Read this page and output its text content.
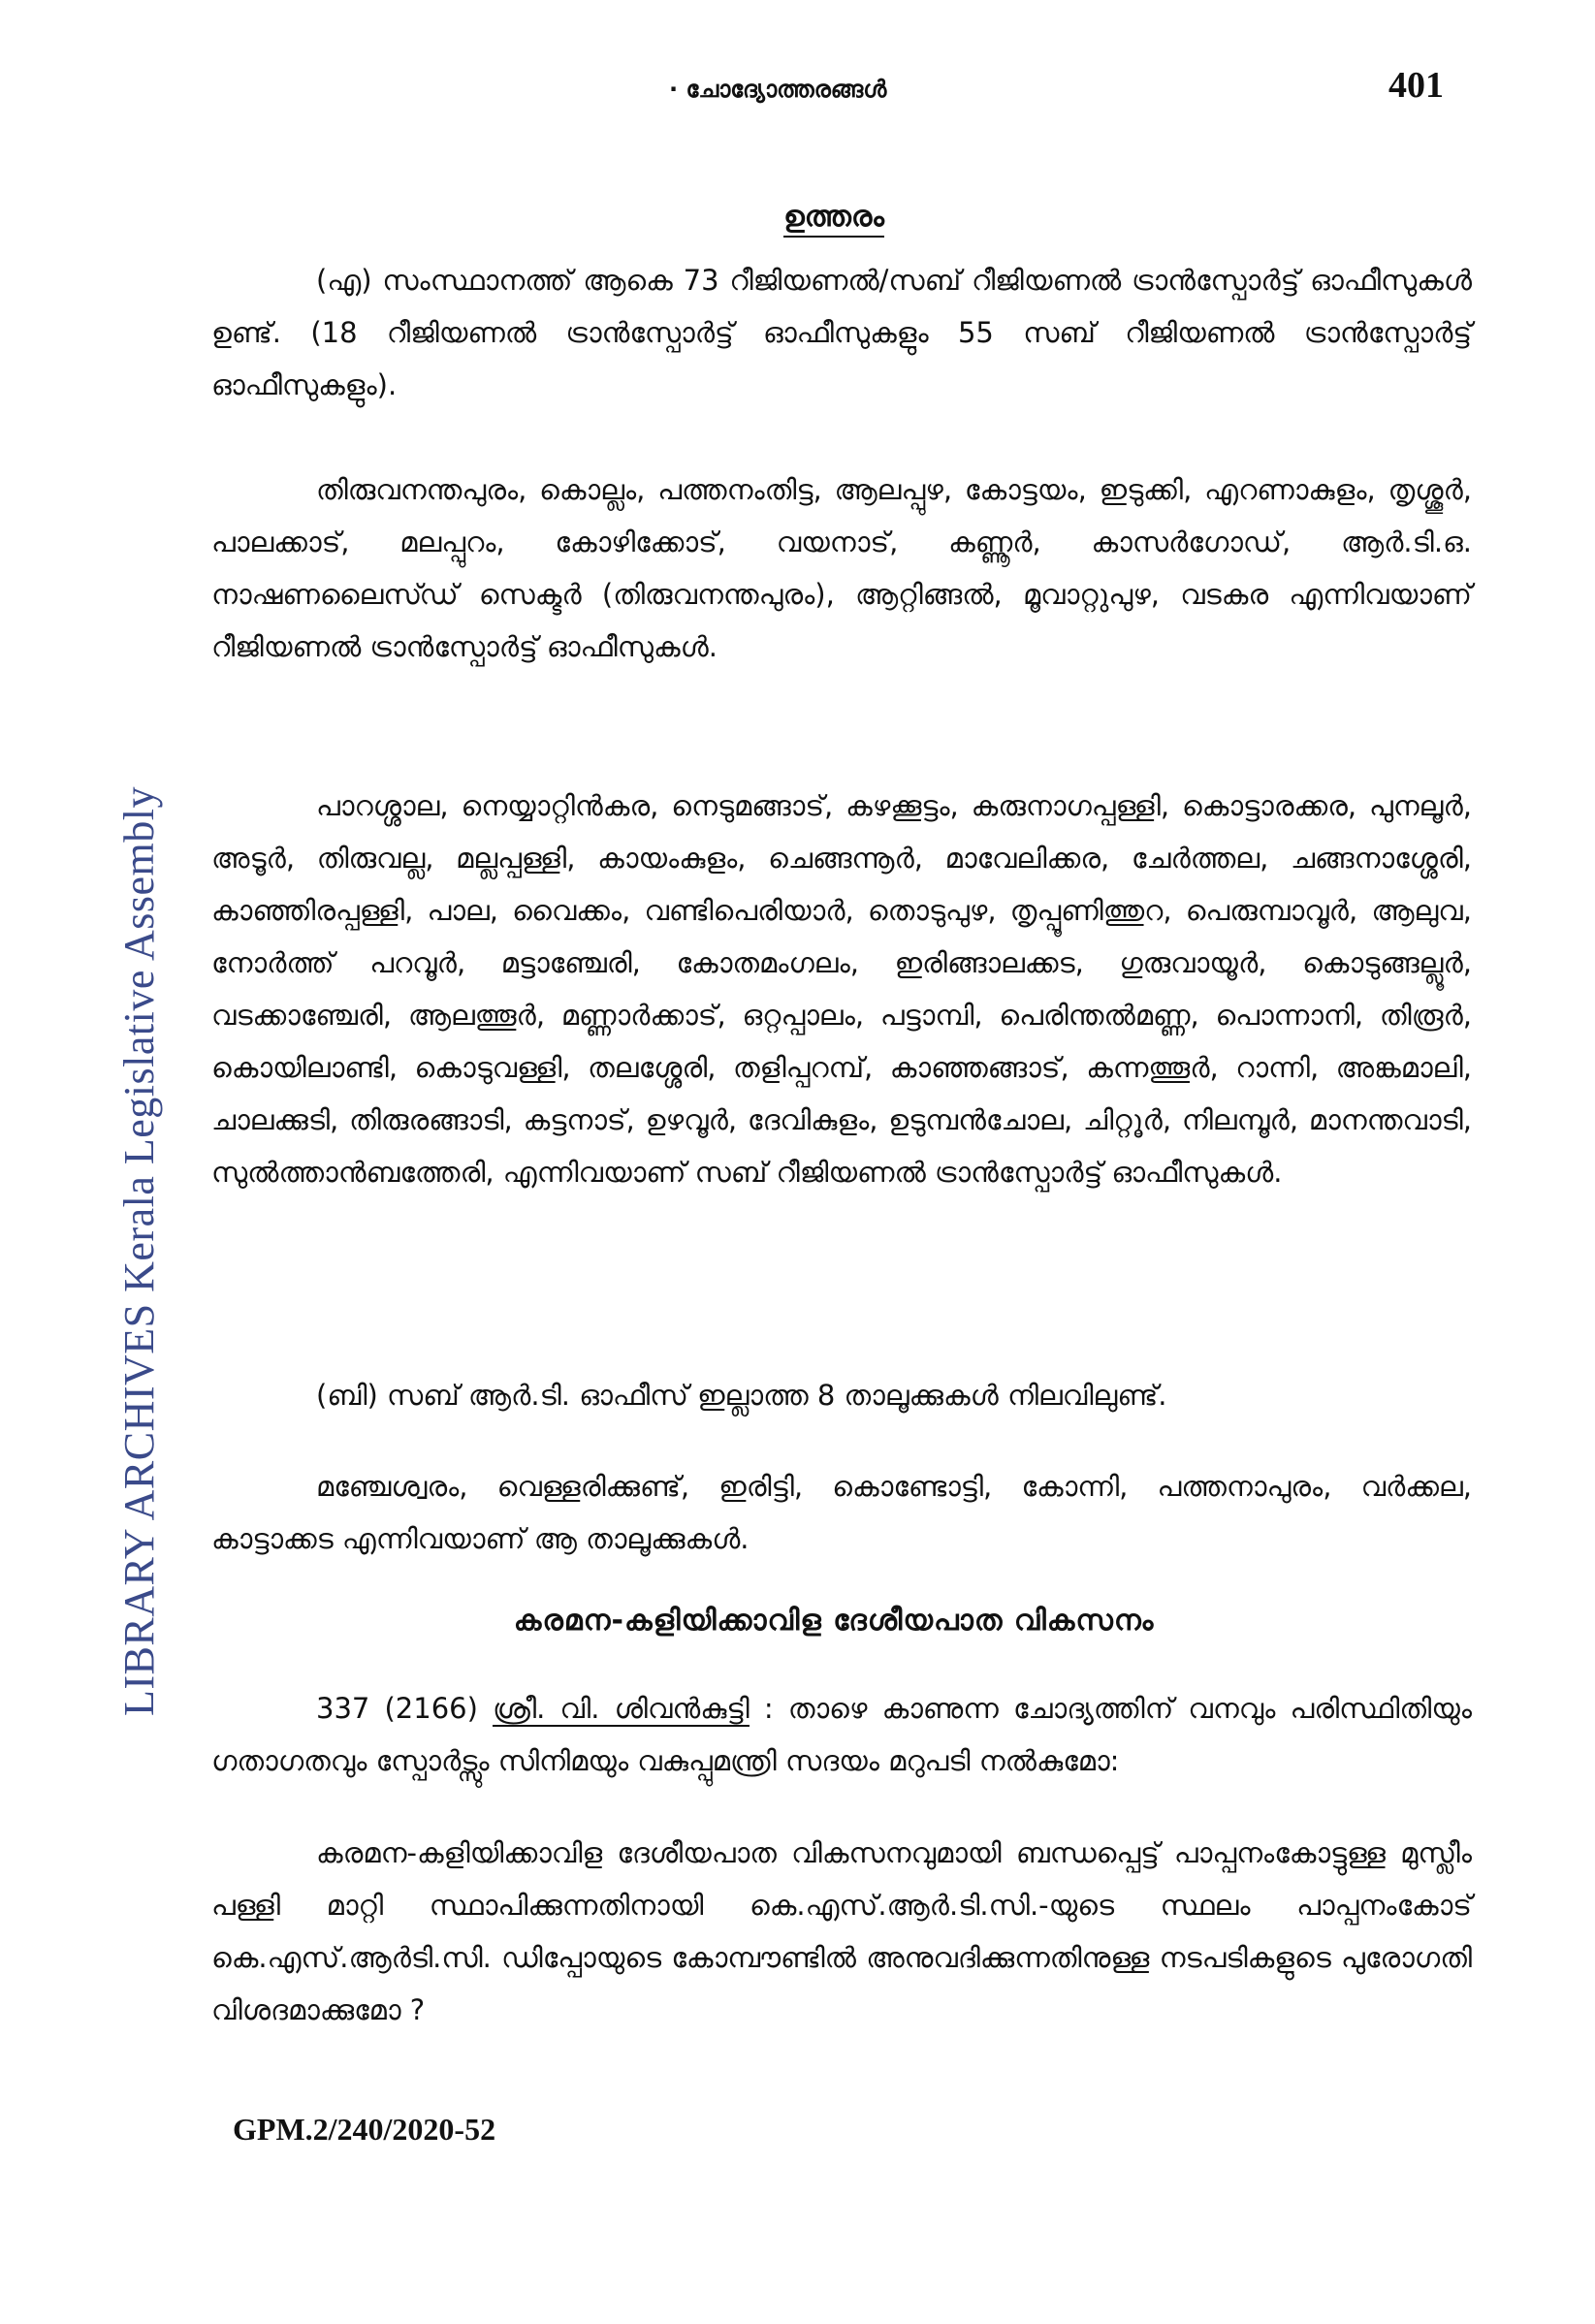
LIBRARY ARCHIVES Kerala Legislative Assembly
· ചോദ്യോത്തരങ്ങൾ	401
ഉത്തരം
(എ) സംസ്ഥാനത്ത് ആകെ 73 റീജിയണൽ/സബ് റീജിയണൽ ട്രാൻസ്പോർട്ട് ഓഫീസുകൾ ഉണ്ട്. (18 റീജിയണൽ ട്രാൻസ്പോർട്ട് ഓഫീസുകളും 55 സബ് റീജിയണൽ ട്രാൻസ്പോർട്ട് ഓഫീസുകളും).
തിരുവനന്തപുരം, കൊല്ലം, പത്തനംതിട്ട, ആലപ്പുഴ, കോട്ടയം, ഇടുക്കി, എറണാകുളം, തൃശ്ശൂർ, പാലക്കാട്, മലപ്പുറം, കോഴിക്കോട്, വയനാട്, കണ്ണൂർ, കാസർഗോഡ്, ആർ.ടി.ഒ. നാഷണലൈസ്ഡ് സെക്ടർ (തിരുവനന്തപുരം), ആറ്റിങ്ങൽ, മൂവാറ്റുപുഴ, വടകര എന്നിവയാണ് റീജിയണൽ ട്രാൻസ്പോർട്ട് ഓഫീസുകൾ.
പാറശ്ശാല, നെയ്യാറ്റിൻകര, നെടുമങ്ങാട്, കഴക്കൂട്ടം, കരുനാഗപ്പള്ളി, കൊട്ടാരക്കര, പുനലൂർ, അടൂർ, തിരുവല്ല, മല്ലപ്പള്ളി, കായംകുളം, ചെങ്ങന്നൂർ, മാവേലിക്കര, ചേർത്തല, ചങ്ങനാശ്ശേരി, കാഞ്ഞിരപ്പള്ളി, പാല, വൈക്കം, വണ്ടിപെരിയാർ, തൊടുപുഴ, തൃപ്പൂണിത്തുറ, പെരുമ്പാവൂർ, ആലുവ, നോർത്ത് പറവൂർ, മട്ടാഞ്ചേരി, കോതമംഗലം, ഇരിങ്ങാലക്കട, ഗുരുവായൂർ, കൊടുങ്ങല്ലൂർ, വടക്കാഞ്ചേരി, ആലത്തൂർ, മണ്ണാർക്കാട്, ഒറ്റപ്പാലം, പട്ടാമ്പി, പെരിന്തൽമണ്ണ, പൊന്നാനി, തിരൂർ, കൊയിലാണ്ടി, കൊടുവള്ളി, തലശ്ശേരി, തളിപ്പറമ്പ്, കാഞ്ഞങ്ങാട്, കന്നത്തൂർ, റാന്നി, അങ്കമാലി, ചാലക്കുടി, തിരുരങ്ങാടി, കട്ടനാട്, ഉഴവൂർ, ദേവികുളം, ഉടുമ്പൻചോല, ചിറ്റൂർ, നിലമ്പൂർ, മാനന്തവാടി, സുൽത്താൻബത്തേരി, എന്നിവയാണ് സബ് റീജിയണൽ ട്രാൻസ്പോർട്ട് ഓഫീസുകൾ.
(ബി) സബ് ആർ.ടി. ഓഫീസ് ഇല്ലാത്ത 8 താലൂക്കുകൾ നിലവിലുണ്ട്.
മഞ്ചേശ്വരം, വെള്ളരിക്കുണ്ട്, ഇരിട്ടി, കൊണ്ടോട്ടി, കോന്നി, പത്തനാപുരം, വർക്കല, കാട്ടാക്കട എന്നിവയാണ് ആ താലൂക്കുകൾ.
കരമന-കളിയിക്കാവിള ദേശീയപാത വികസനം
337 (2166) ശ്രീ. വി. ശിവൻകുട്ടി : താഴെ കാണുന്ന ചോദ്യത്തിന് വനവും പരിസ്ഥിതിയും ഗതാഗതവും സ്പോർട്സും സിനിമയും വകുപ്പുമന്ത്രി സദയം മറുപടി നൽകുമോ:
കരമന-കളിയിക്കാവിള ദേശീയപാത വികസനവുമായി ബന്ധപ്പെട്ട് പാപ്പനംകോട്ടുള്ള മുസ്ലീം പള്ളി മാറ്റി സ്ഥാപിക്കുന്നതിനായി കെ.എസ്.ആർ.ടി.സി.-യുടെ സ്ഥലം പാപ്പനംകോട് കെ.എസ്.ആർടി.സി. ഡിപ്പോയുടെ കോമ്പൗണ്ടിൽ അനുവദിക്കുന്നതിനുള്ള നടപടികളുടെ പുരോഗതി വിശദമാക്കുമോ ?
GPM.2/240/2020-52
